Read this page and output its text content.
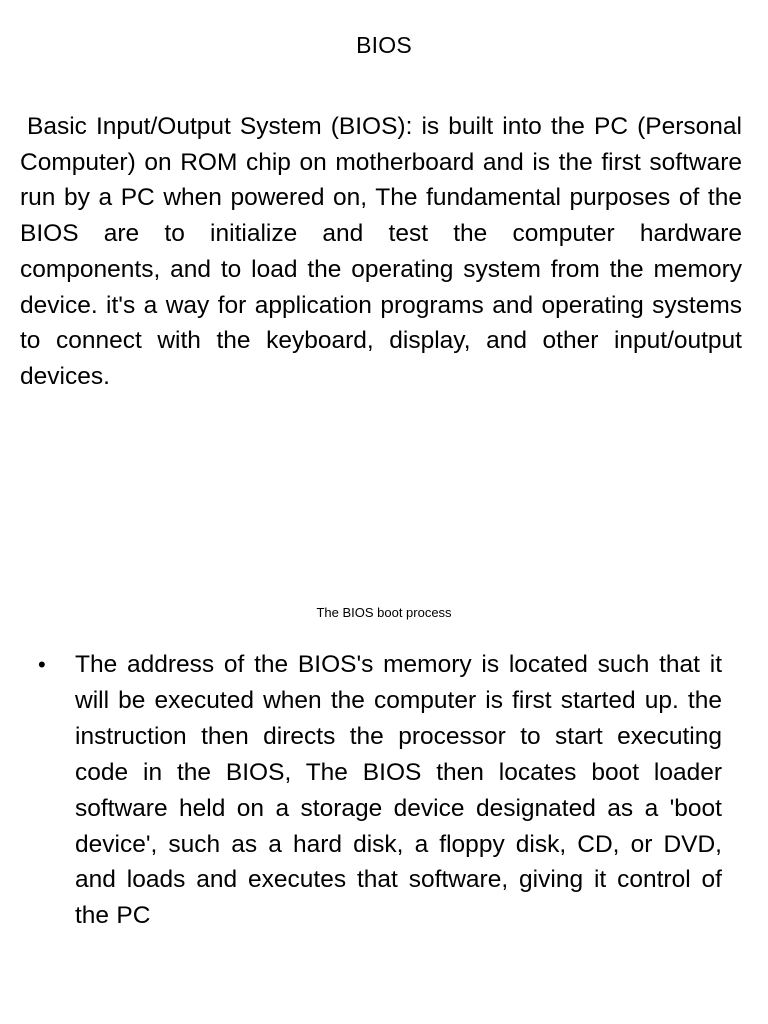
BIOS
Basic Input/Output System (BIOS): is built into the PC (Personal Computer) on ROM chip on motherboard and is the first software run by a PC when powered on, The fundamental purposes of the BIOS are to initialize and test the computer hardware components, and to load the operating system from the memory device. it's a way for application programs and operating systems to connect with the keyboard, display, and other input/output devices.
The BIOS boot process
• The address of the BIOS's memory is located such that it will be executed when the computer is first started up. the instruction then directs the processor to start executing code in the BIOS, The BIOS then locates boot loader software held on a storage device designated as a 'boot device', such as a hard disk, a floppy disk, CD, or DVD, and loads and executes that software, giving it control of the PC
